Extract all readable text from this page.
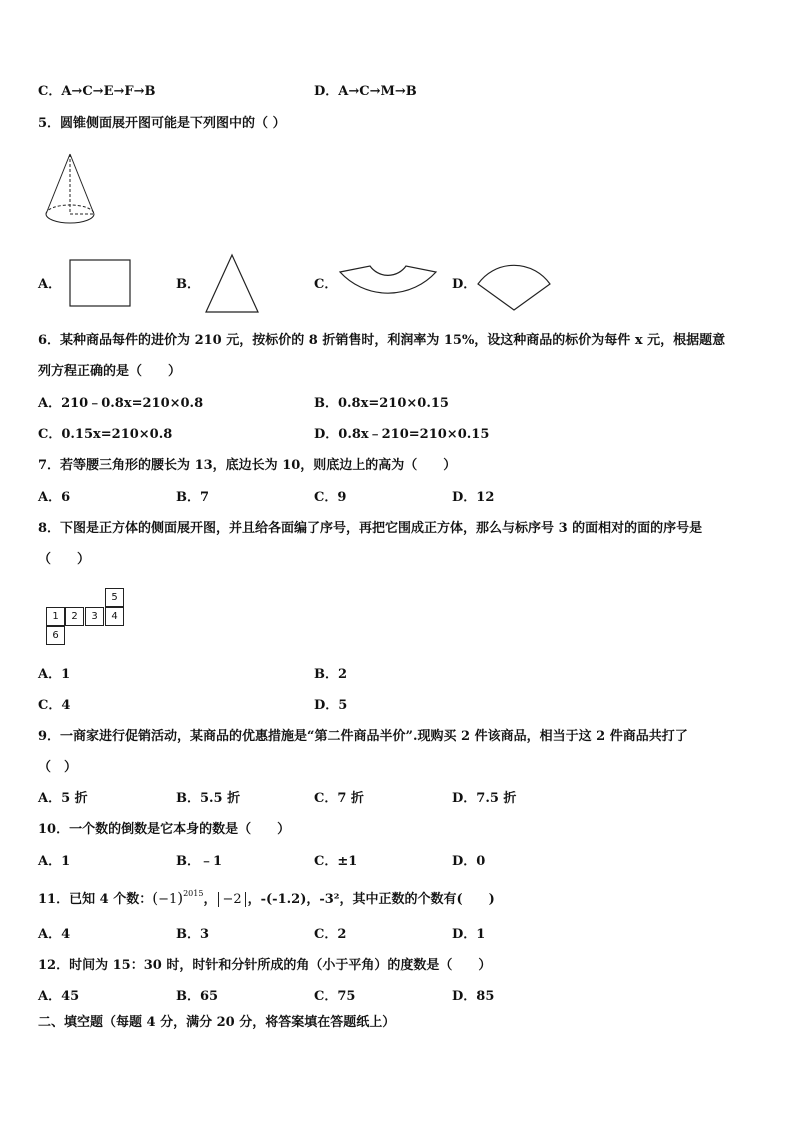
C．A→C→E→F→B	D．A→C→M→B
5．圆锥侧面展开图可能是下列图中的（ ）
A．	B．	C．	D．
6．某种商品每件的进价为 210 元，按标价的 8 折销售时，利润率为 15%，设这种商品的标价为每件 x 元，根据题意
列方程正确的是（　　）
A．210﹣0.8x=210×0.8	B．0.8x=210×0.15
C．0.15x=210×0.8	D．0.8x﹣210=210×0.15
7．若等腰三角形的腰长为 13，底边长为 10，则底边上的高为（　　）
A．6	B．7	C．9	D．12
8．下图是正方体的侧面展开图，并且给各面编了序号，再把它围成正方体，那么与标序号 3 的面相对的面的序号是
（　　）
5
1	2	3	4
6
A．1	B．2
C．4	D．5
9．一商家进行促销活动，某商品的优惠措施是“第二件商品半价”.现购买 2 件该商品，相当于这 2 件商品共打了
（　）
A．5 折	B．5.5 折	C．7 折	D．7.5 折
10．一个数的倒数是它本身的数是（　　）
A．1	B．﹣1	C．±1	D．0
11．已知 4 个数：$(-1)^{2015}$， −2 ，-(-1.2)，-3²，其中正数的个数有(　　)
A．4	B．3	C．2	D．1
12．时间为 15：30 时，时针和分针所成的角（小于平角）的度数是（　　）
A．45	B．65	C．75	D．85
二、填空题（每题 4 分，满分 20 分，将答案填在答题纸上）
